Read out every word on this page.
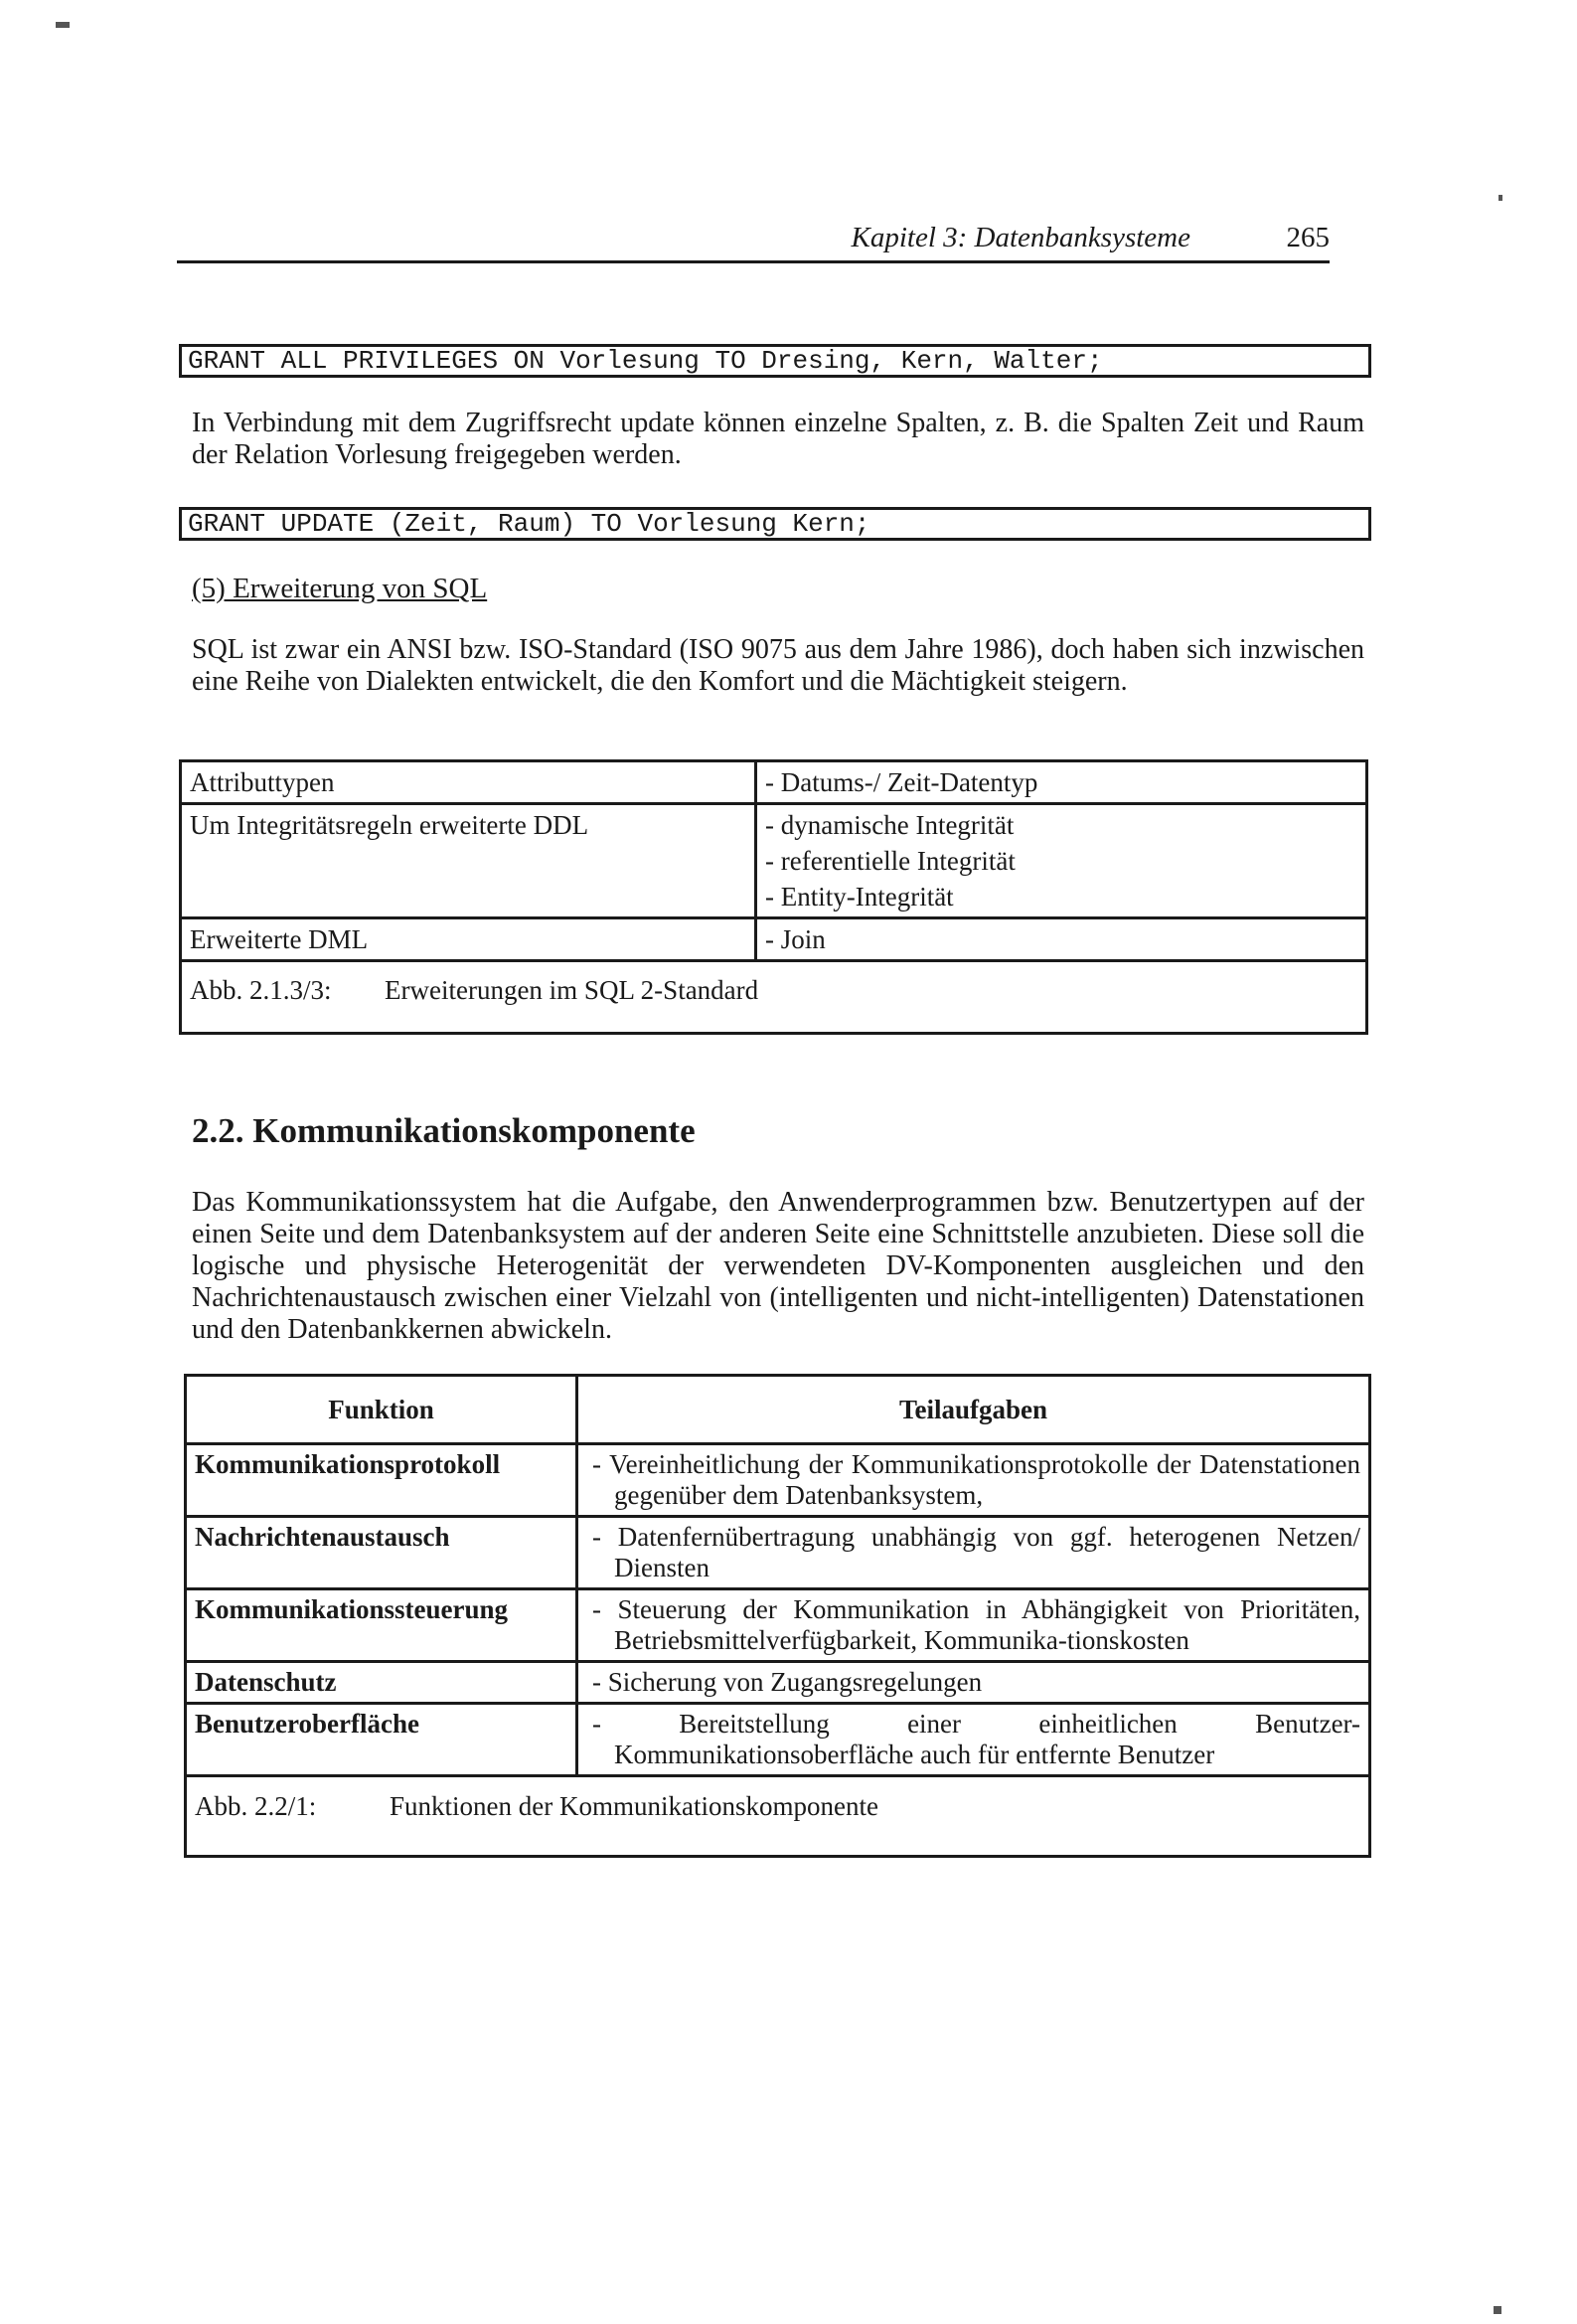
Kapitel 3: Datenbanksysteme	265
GRANT ALL PRIVILEGES ON Vorlesung TO Dresing, Kern, Walter;
In Verbindung mit dem Zugriffsrecht update können einzelne Spalten, z. B. die Spalten Zeit und Raum der Relation Vorlesung freigegeben werden.
GRANT UPDATE (Zeit, Raum) TO Vorlesung Kern;
(5) Erweiterung von SQL
SQL ist zwar ein ANSI bzw. ISO-Standard (ISO 9075 aus dem Jahre 1986), doch haben sich inzwischen eine Reihe von Dialekten entwickelt, die den Komfort und die Mächtigkeit steigern.
Attributtypen	- Datums-/ Zeit-Datentyp

Um Integritätsregeln erweiterte DDL	- dynamische Integrität
- referentielle Integrität
- Entity-Integrität

Erweiterte DML	- Join

Abb. 2.1.3/3: Erweiterungen im SQL 2-Standard	
2.2. Kommunikationskomponente
Das Kommunikationssystem hat die Aufgabe, den Anwenderprogrammen bzw. Benutzertypen auf der einen Seite und dem Datenbanksystem auf der anderen Seite eine Schnittstelle anzubieten. Diese soll die logische und physische Heterogenität der verwendeten DV-Komponenten ausgleichen und den Nachrichtenaustausch zwischen einer Vielzahl von (intelligenten und nicht-intelligenten) Datenstationen und den Datenbankkernen abwickeln.
Funktion	Teilaufgaben
Kommunikationsprotokoll	- Vereinheitlichung der Kommunikationsprotokolle der Datenstationen gegenüber dem Datenbanksystem,
Nachrichtenaustausch	- Datenfernübertragung unabhängig von ggf. heterogenen Netzen/ Diensten
Kommunikationssteuerung	- Steuerung der Kommunikation in Abhängigkeit von Prioritäten, Betriebsmittelverfügbarkeit, Kommunika-tionskosten
Datenschutz	- Sicherung von Zugangsregelungen
Benutzeroberfläche	- Bereitstellung einer einheitlichen Benutzer-Kommunikationsoberfläche auch für entfernte Benutzer
Abb. 2.2/1: Funktionen der Kommunikationskomponente	
